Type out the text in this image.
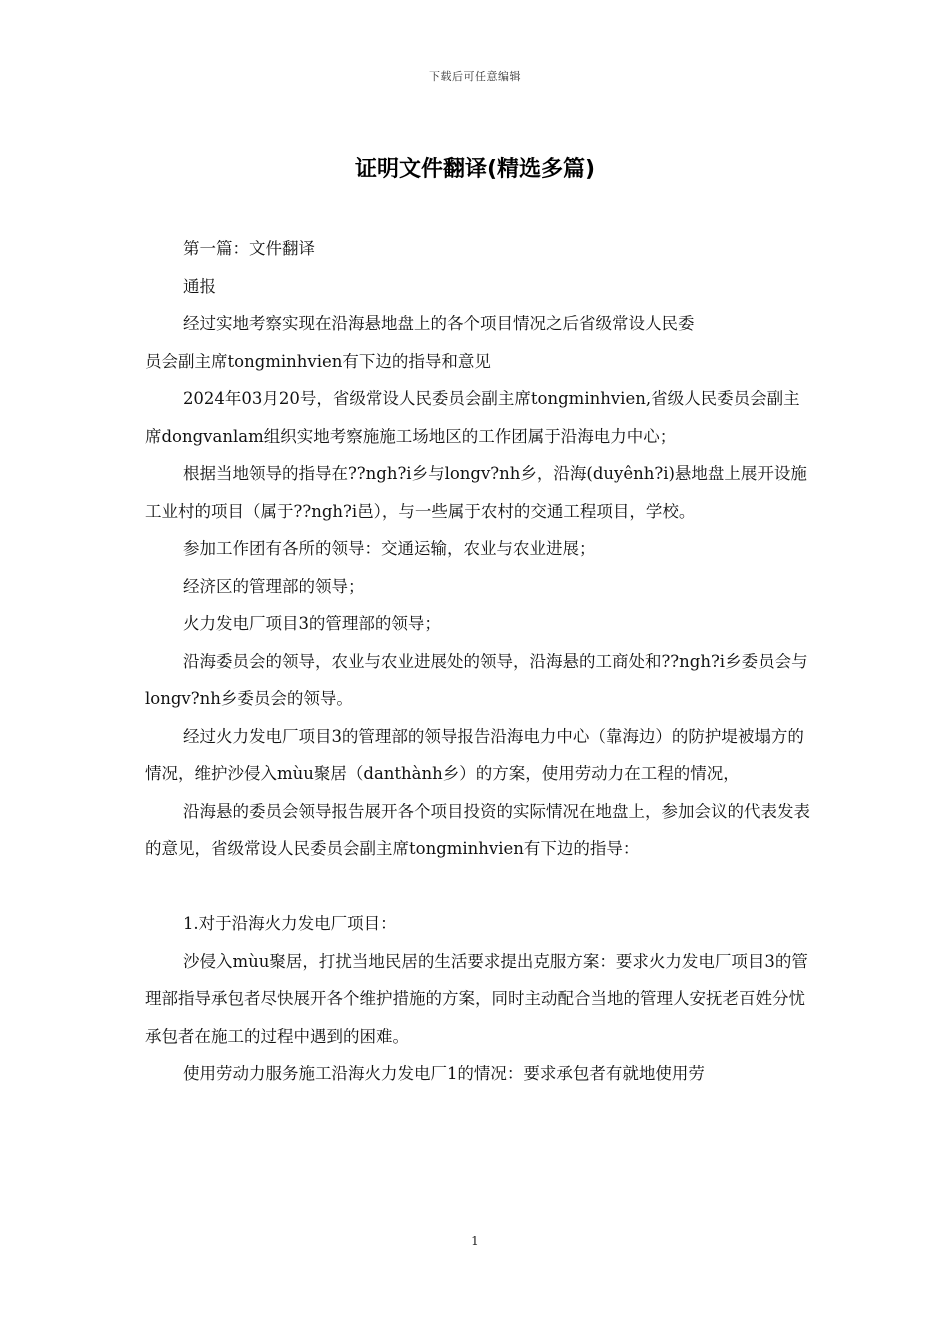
下载后可任意编辑
证明文件翻译(精选多篇)

第一篇：文件翻译

通报

经过实地考察实现在沿海悬地盘上的各个项目情况之后省级常设人民委

员会副主席tongminhvien有下边的指导和意见

2024年03月20号，省级常设人民委员会副主席tongminhvien,省级人民委员会副主席dongvanlam组织实地考察施施工场地区的工作团属于沿海电力中心；

根据当地领导的指导在??ngh?i乡与longv?nh乡，沿海(duyênh?i)悬地盘上展开设施工业村的项目（属于??ngh?i邑），与一些属于农村的交通工程项目，学校。

参加工作团有各所的领导：交通运输，农业与农业进展；

经济区的管理部的领导；

火力发电厂项目3的管理部的领导；

沿海委员会的领导，农业与农业进展处的领导，沿海悬的工商处和??ngh?i乡委员会与longv?nh乡委员会的领导。

经过火力发电厂项目3的管理部的领导报告沿海电力中心（靠海边）的防护堤被塌方的情况，维护沙侵入mùu聚居（danthành乡）的方案，使用劳动力在工程的情况，

沿海悬的委员会领导报告展开各个项目投资的实际情况在地盘上，参加会议的代表发表的意见，省级常设人民委员会副主席tongminhvien有下边的指导：

1.对于沿海火力发电厂项目：

沙侵入mùu聚居，打扰当地民居的生活要求提出克服方案：要求火力发电厂项目3的管理部指导承包者尽快展开各个维护措施的方案，同时主动配合当地的管理人安抚老百姓分忧承包者在施工的过程中遇到的困难。

使用劳动力服务施工沿海火力发电厂1的情况：要求承包者有就地使用劳

1
